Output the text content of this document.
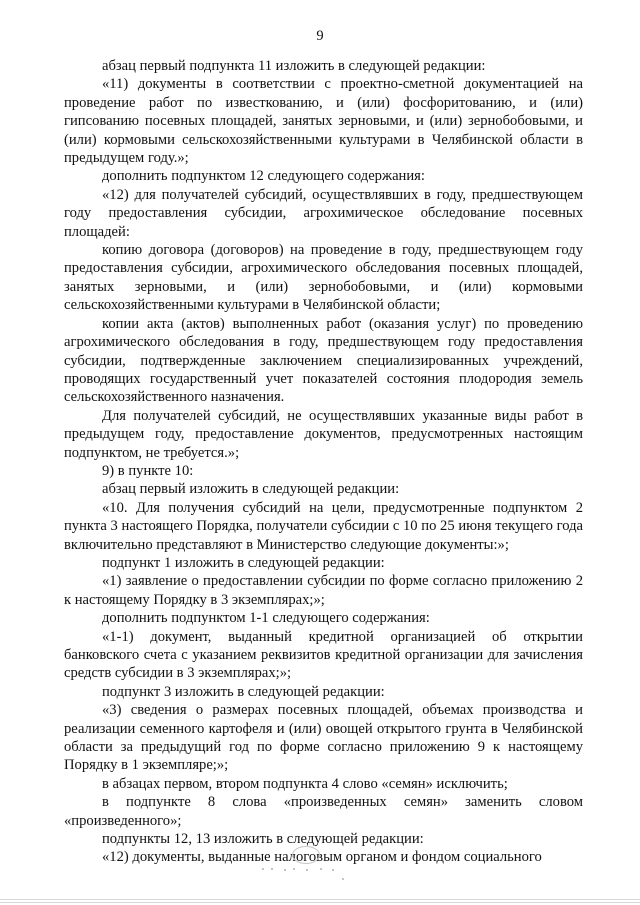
9

абзац первый подпункта 11 изложить в следующей редакции:

«11) документы в соответствии с проектно-сметной документацией на проведение работ по известкованию, и (или) фосфоритованию, и (или) гипсованию посевных площадей, занятых зерновыми, и (или) зернобобовыми, и (или) кормовыми сельскохозяйственными культурами в Челябинской области в предыдущем году.»;

дополнить подпунктом 12 следующего содержания:

«12) для получателей субсидий, осуществлявших в году, предшествующем году предоставления субсидии, агрохимическое обследование посевных площадей:

копию договора (договоров) на проведение в году, предшествующем году предоставления субсидии, агрохимического обследования посевных площадей, занятых зерновыми, и (или) зернобобовыми, и (или) кормовыми сельскохозяйственными культурами в Челябинской области;

копии акта (актов) выполненных работ (оказания услуг) по проведению агрохимического обследования в году, предшествующем году предоставления субсидии, подтвержденные заключением специализированных учреждений, проводящих государственный учет показателей состояния плодородия земель сельскохозяйственного назначения.

Для получателей субсидий, не осуществлявших указанные виды работ в предыдущем году, предоставление документов, предусмотренных настоящим подпунктом, не требуется.»;

9) в пункте 10:

абзац первый изложить в следующей редакции:

«10. Для получения субсидий на цели, предусмотренные подпунктом 2 пункта 3 настоящего Порядка, получатели субсидии с 10 по 25 июня текущего года включительно представляют в Министерство следующие документы:»;

подпункт 1 изложить в следующей редакции:

«1) заявление о предоставлении субсидии по форме согласно приложению 2 к настоящему Порядку в 3 экземплярах;»;

дополнить подпунктом 1-1 следующего содержания:

«1-1) документ, выданный кредитной организацией об открытии банковского счета с указанием реквизитов кредитной организации для зачисления средств субсидии в 3 экземплярах;»;

подпункт 3 изложить в следующей редакции:

«3) сведения о размерах посевных площадей, объемах производства и реализации семенного картофеля и (или) овощей открытого грунта в Челябинской области за предыдущий год по форме согласно приложению 9 к настоящему Порядку в 1 экземпляре;»;

в абзацах первом, втором подпункта 4 слово «семян» исключить;

в подпункте 8 слова «произведенных семян» заменить словом «произведенного»;

подпункты 12, 13 изложить в следующей редакции:

«12) документы, выданные налоговым органом и фондом социального
